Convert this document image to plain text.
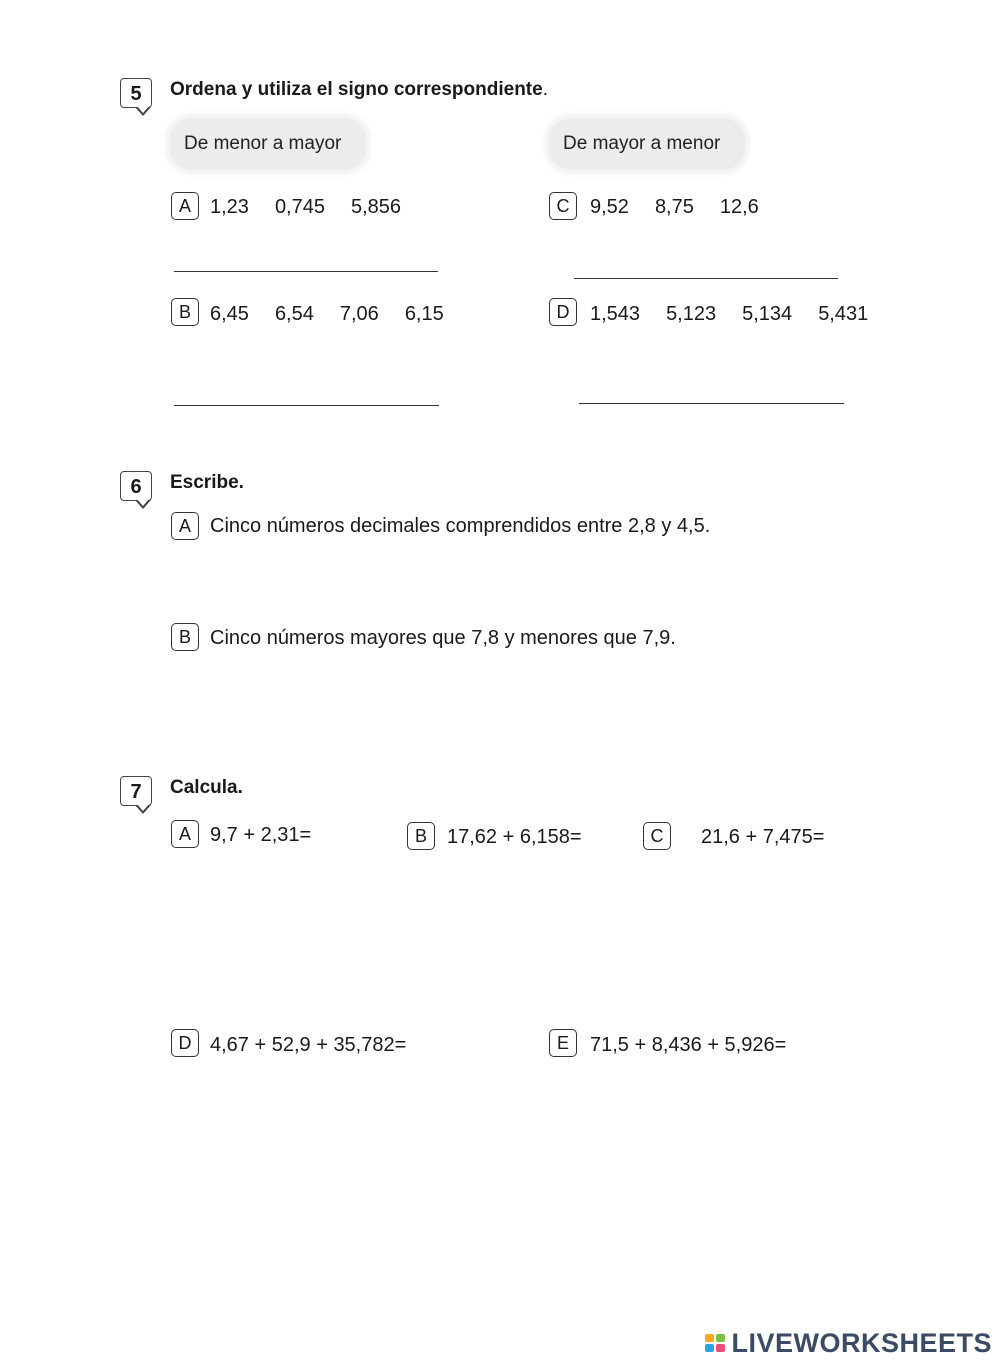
5	Ordena y utiliza el signo correspondiente.
De menor a mayor	De mayor a menor
A 1,23 0,745 5,856	C	9,52 8,75 12,6
B 6,45 6,54 7,06 6,15	D	1,543 5,123 5,134 5,431
6	Escribe.
A Cinco números decimales comprendidos entre 2,8 y 4,5.
B Cinco números mayores que 7,8 y menores que 7,9.
7	Calcula.
A 9,7 + 2,31=	B	17,62 + 6,158=	C	21,6 + 7,475=
D 4,67 + 52,9 + 35,782=	E	71,5 + 8,436 + 5,926=
LIVEWORKSHEETS
